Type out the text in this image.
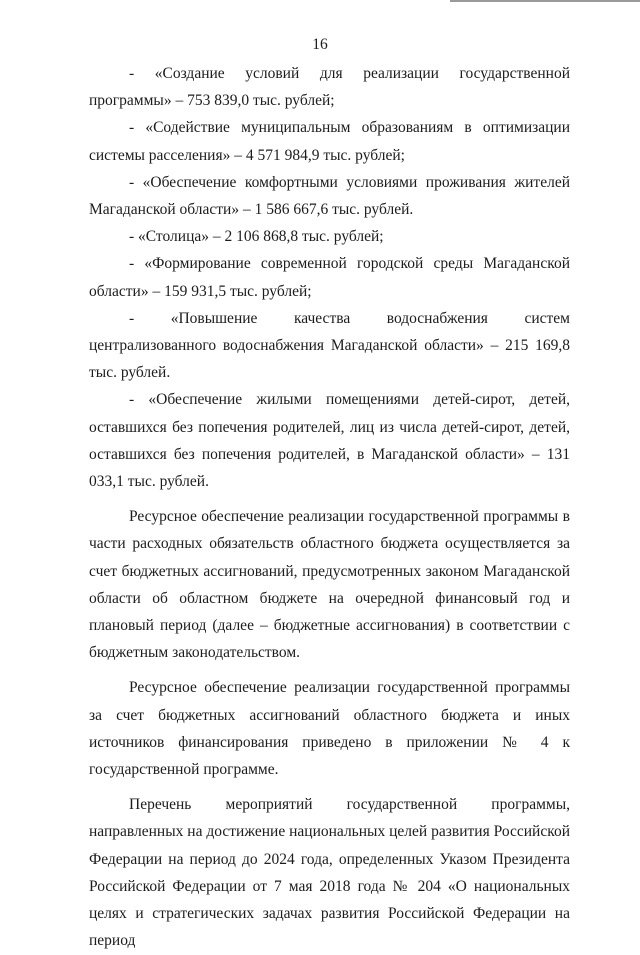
16

- «Создание условий для реализации государственной программы» – 753 839,0 тыс. рублей;

- «Содействие муниципальным образованиям в оптимизации системы расселения» – 4 571 984,9 тыс. рублей;

- «Обеспечение комфортными условиями проживания жителей Магаданской области» – 1 586 667,6 тыс. рублей.

- «Столица» – 2 106 868,8 тыс. рублей;

- «Формирование современной городской среды Магаданской области» – 159 931,5 тыс. рублей;

- «Повышение качества водоснабжения систем централизованного водоснабжения Магаданской области» – 215 169,8 тыс. рублей.

- «Обеспечение жилыми помещениями детей-сирот, детей, оставшихся без попечения родителей, лиц из числа детей-сирот, детей, оставшихся без попечения родителей, в Магаданской области» – 131 033,1 тыс. рублей.

Ресурсное обеспечение реализации государственной программы в части расходных обязательств областного бюджета осуществляется за счет бюджетных ассигнований, предусмотренных законом Магаданской области об областном бюджете на очередной финансовый год и плановый период (далее – бюджетные ассигнования) в соответствии с бюджетным законодательством.

Ресурсное обеспечение реализации государственной программы за счет бюджетных ассигнований областного бюджета и иных источников финансирования приведено в приложении № 4 к государственной программе.

Перечень мероприятий государственной программы, направленных на достижение национальных целей развития Российской Федерации на период до 2024 года, определенных Указом Президента Российской Федерации от 7 мая 2018 года № 204 «О национальных целях и стратегических задачах развития Российской Федерации на период
